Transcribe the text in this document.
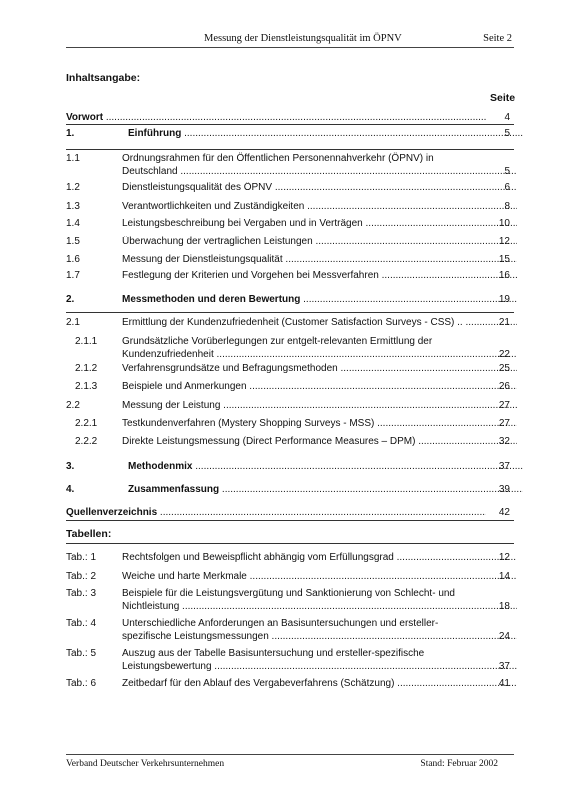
Messung der Dienstleistungsqualität im ÖPNV	Seite 2
Inhaltsangabe:
Seite
Vorwort .....	4
1.	Einführung .....	5
1.1	Ordnungsrahmen für den Öffentlichen Personennahverkehr (ÖPNV) in
Deutschland .....	5
1.2	Dienstleistungsqualität des ÖPNV .....	6
1.3	Verantwortlichkeiten und Zuständigkeiten .....	8
1.4	Leistungsbeschreibung bei Vergaben und in Verträgen .....	10
1.5	Überwachung der vertraglichen Leistungen .....	12
1.6	Messung der Dienstleistungsqualität .....	15
1.7	Festlegung der Kriterien und Vorgehen bei Messverfahren .....	16
2.	Messmethoden und deren Bewertung .....	19
2.1	Ermittlung der Kundenzufriedenheit (Customer Satisfaction Surveys - CSS) .. .....	21
2.1.1 Grundsätzliche Vorüberlegungen zur entgelt-relevanten Ermittlung der
Kundenzufriedenheit .....	22
2.1.2 Verfahrensgrundsätze und Befragungsmethoden .....	25
2.1.3 Beispiele und Anmerkungen .....	26
2.2	Messung der Leistung .....	27
2.2.1 Testkundenverfahren (Mystery Shopping Surveys - MSS) .....	27
2.2.2 Direkte Leistungsmessung (Direct Performance Measures – DPM) .....	32
3.	Methodenmix .....	37
4.	Zusammenfassung .....	39
Quellenverzeichnis .....	42
Tabellen:
Tab.: 1	Rechtsfolgen und Beweispflicht abhängig vom Erfüllungsgrad .....	12
Tab.: 2	Weiche und harte Merkmale .....	14
Tab.: 3	Beispiele für die Leistungsvergütung und Sanktionierung von Schlecht- und
Nichtleistung .....	18
Tab.: 4	Unterschiedliche Anforderungen an Basisuntersuchungen und ersteller-
spezifische Leistungsmessungen .....	24
Tab.: 5	Auszug aus der Tabelle Basisuntersuchung und ersteller-spezifische
Leistungsbewertung .....	37
Tab.: 6	Zeitbedarf für den Ablauf des Vergabeverfahrens (Schätzung) .....	41
Verband Deutscher Verkehrsunternehmen	Stand: Februar 2002
